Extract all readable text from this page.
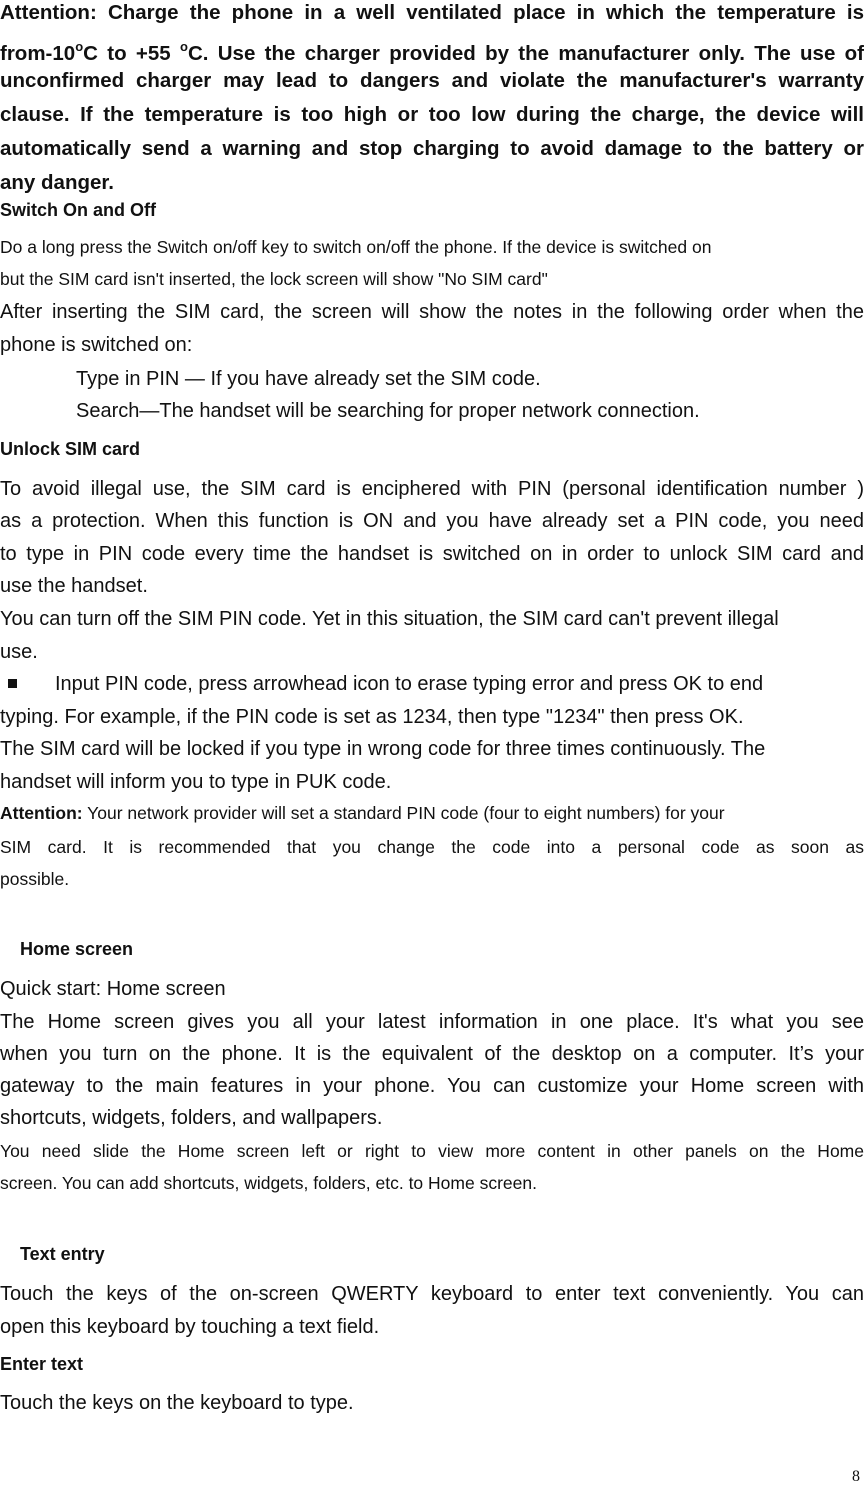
Attention: Charge the phone in a well ventilated place in which the temperature is
from-10$^o$C to +55 $^o$C. Use the charger provided by the manufacturer only. The use of
unconfirmed charger may lead to dangers and violate the manufacturer's warranty
clause. If the temperature is too high or too low during the charge, the device will
automatically send a warning and stop charging to avoid damage to the battery or
any danger.
Switch On and Off
Do a long press the Switch on/off key to switch on/off the phone. If the device is switched on
but the SIM card isn't inserted, the lock screen will show "No SIM card"
After inserting the SIM card, the screen will show the notes in the following order when the
phone is switched on:
Type in PIN — If you have already set the SIM code.
Search—The handset will be searching for proper network connection.
Unlock SIM card
To avoid illegal use, the SIM card is enciphered with PIN (personal identification number )
as a protection. When this function is ON and you have already set a PIN code, you need
to type in PIN code every time the handset is switched on in order to unlock SIM card and
use the handset.
You can turn off the SIM PIN code. Yet in this situation, the SIM card can't prevent illegal
use.
Input PIN code, press arrowhead icon to erase typing error and press OK to end
typing. For example, if the PIN code is set as 1234, then type "1234" then press OK.
The SIM card will be locked if you type in wrong code for three times continuously. The
handset will inform you to type in PUK code.
Attention: Your network provider will set a standard PIN code (four to eight numbers) for your
SIM card. It is recommended that you change the code into a personal code as soon as
possible.
Home screen
Quick start: Home screen
The Home screen gives you all your latest information in one place. It's what you see
when you turn on the phone. It is the equivalent of the desktop on a computer. It’s your
gateway to the main features in your phone. You can customize your Home screen with
shortcuts, widgets, folders, and wallpapers.
You need slide the Home screen left or right to view more content in other panels on the Home
screen. You can add shortcuts, widgets, folders, etc. to Home screen.
Text entry
Touch the keys of the on-screen QWERTY keyboard to enter text conveniently. You can
open this keyboard by touching a text field.
Enter text
Touch the keys on the keyboard to type.
8
